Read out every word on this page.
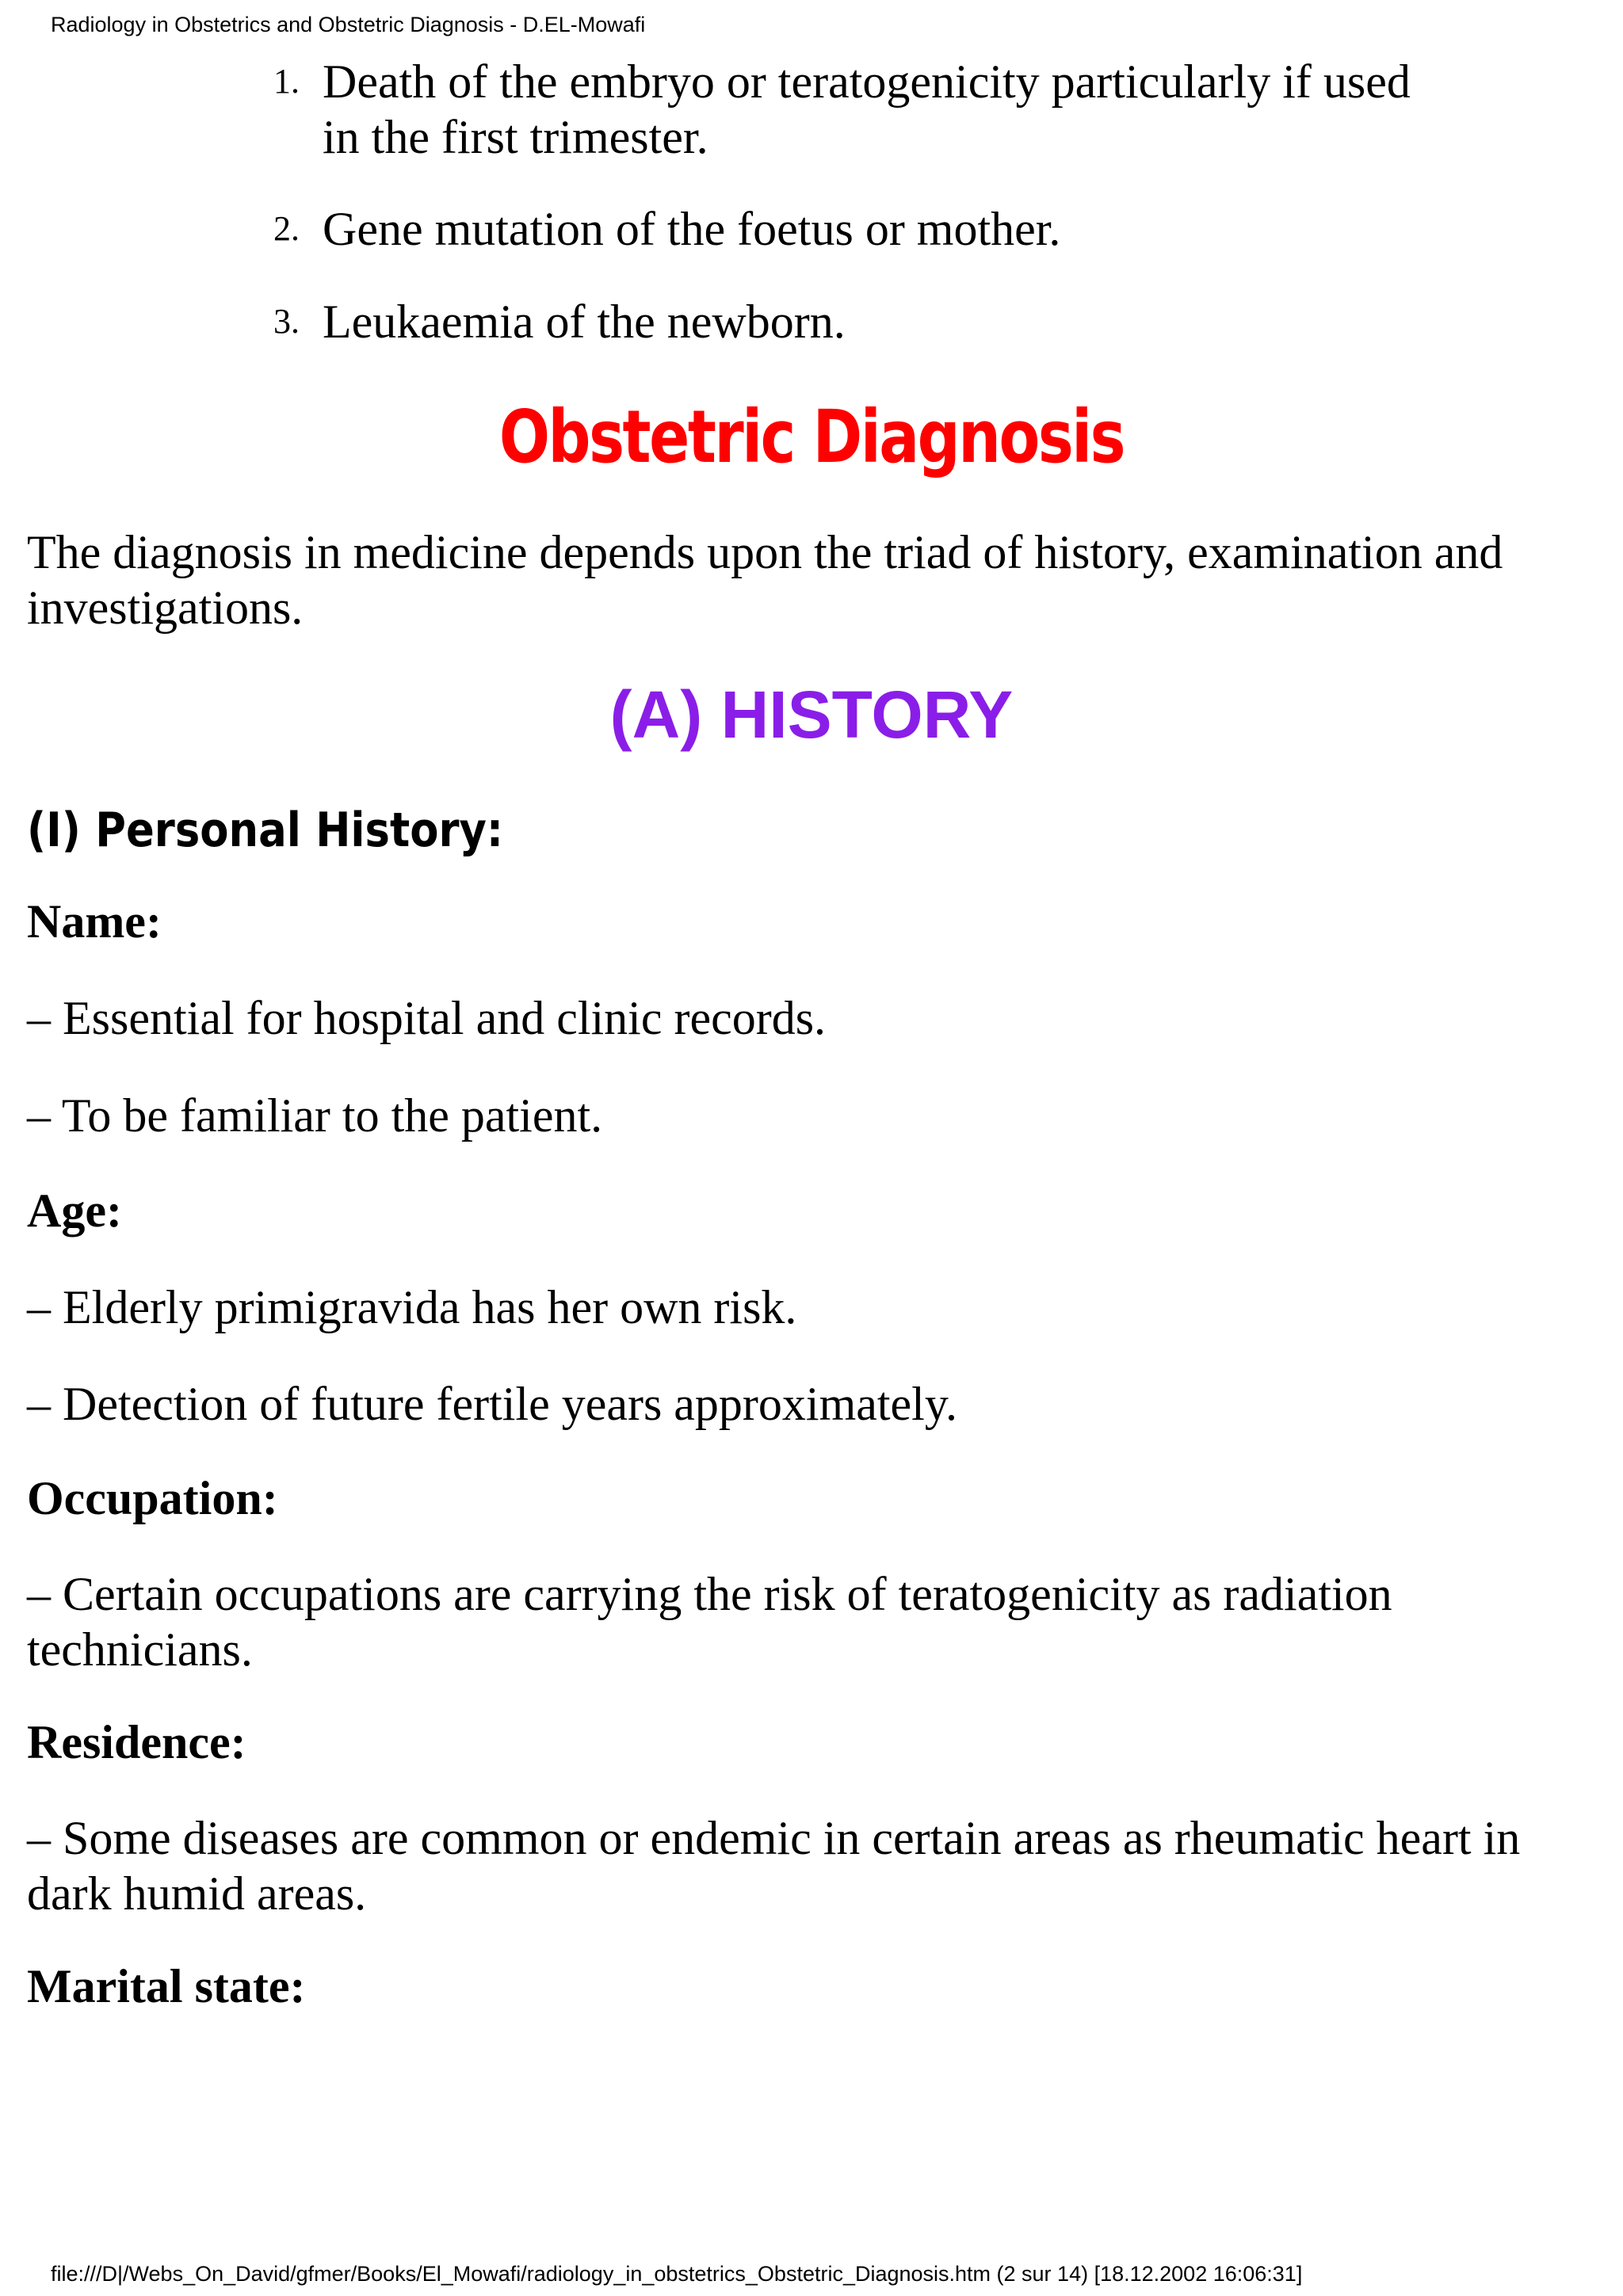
Radiology in Obstetrics and Obstetric Diagnosis - D.EL-Mowafi
1. Death of the embryo or teratogenicity particularly if used in the first trimester.
2. Gene mutation of the foetus or mother.
3. Leukaemia of the newborn.
Obstetric Diagnosis
The diagnosis in medicine depends upon the triad of history, examination and investigations.
(A) HISTORY
(I) Personal History:
Name:
– Essential for hospital and clinic records.
– To be familiar to the patient.
Age:
– Elderly primigravida has her own risk.
– Detection of future fertile years approximately.
Occupation:
– Certain occupations are carrying the risk of teratogenicity as radiation technicians.
Residence:
– Some diseases are common or endemic in certain areas as rheumatic heart in dark humid areas.
Marital state:
file:///D|/Webs_On_David/gfmer/Books/El_Mowafi/radiology_in_obstetrics_Obstetric_Diagnosis.htm (2 sur 14) [18.12.2002 16:06:31]
